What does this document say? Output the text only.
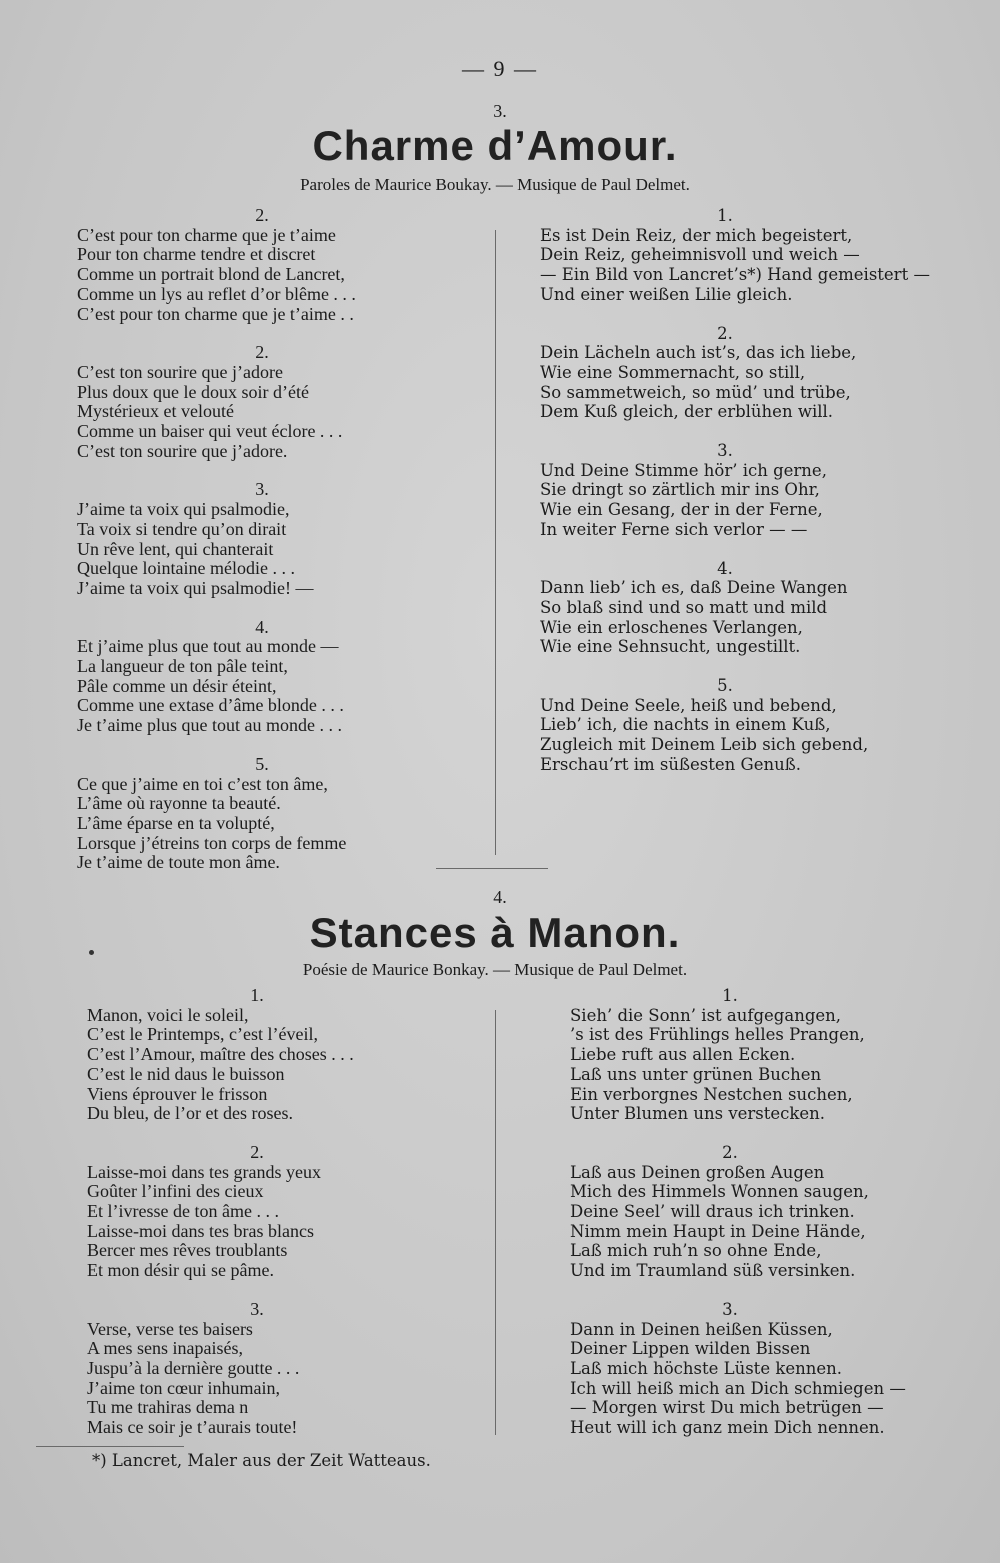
— 9 —
3.
Charme d’Amour.
Paroles de Maurice Boukay. — Musique de Paul Delmet.
2.
C’est pour ton charme que je t’aime
Pour ton charme tendre et discret
Comme un portrait blond de Lancret,
Comme un lys au reflet d’or blême . . .
C’est pour ton charme que je t’aime . .
2.
C’est ton sourire que j’adore
Plus doux que le doux soir d’été
Mystérieux et velouté
Comme un baiser qui veut éclore . . .
C’est ton sourire que j’adore.
3.
J’aime ta voix qui psalmodie,
Ta voix si tendre qu’on dirait
Un rêve lent, qui chanterait
Quelque lointaine mélodie . . .
J’aime ta voix qui psalmodie! —
4.
Et j’aime plus que tout au monde —
La langueur de ton pâle teint,
Pâle comme un désir éteint,
Comme une extase d’âme blonde . . .
Je t’aime plus que tout au monde . . .
5.
Ce que j’aime en toi c’est ton âme,
L’âme où rayonne ta beauté.
L’âme éparse en ta volupté,
Lorsque j’étreins ton corps de femme
Je t’aime de toute mon âme.
1.
Es ist Dein Reiz, der mich begeistert,
Dein Reiz, geheimnisvoll und weich —
— Ein Bild von Lancret’s*) Hand gemeistert —
Und einer weißen Lilie gleich.
2.
Dein Lächeln auch ist’s, das ich liebe,
Wie eine Sommernacht, so still,
So sammetweich, so müd’ und trübe,
Dem Kuß gleich, der erblühen will.
3.
Und Deine Stimme hör’ ich gerne,
Sie dringt so zärtlich mir ins Ohr,
Wie ein Gesang, der in der Ferne,
In weiter Ferne sich verlor — —
4.
Dann lieb’ ich es, daß Deine Wangen
So blaß sind und so matt und mild
Wie ein erloschenes Verlangen,
Wie eine Sehnsucht, ungestillt.
5.
Und Deine Seele, heiß und bebend,
Lieb’ ich, die nachts in einem Kuß,
Zugleich mit Deinem Leib sich gebend,
Erschau’rt im süßesten Genuß.
4.
Stances à Manon.
Poésie de Maurice Bonkay. — Musique de Paul Delmet.
1.
Manon, voici le soleil,
C’est le Printemps, c’est l’éveil,
C’est l’Amour, maître des choses . . .
C’est le nid daus le buisson
Viens éprouver le frisson
Du bleu, de l’or et des roses.
2.
Laisse-moi dans tes grands yeux
Goûter l’infini des cieux
Et l’ivresse de ton âme . . .
Laisse-moi dans tes bras blancs
Bercer mes rêves troublants
Et mon désir qui se pâme.
3.
Verse, verse tes baisers
A mes sens inapaisés,
Juspu’à la dernière goutte . . .
J’aime ton cœur inhumain,
Tu me trahiras dema n
Mais ce soir je t’aurais toute!
1.
Sieh’ die Sonn’ ist aufgegangen,
’s ist des Frühlings helles Prangen,
Liebe ruft aus allen Ecken.
Laß uns unter grünen Buchen
Ein verborgnes Nestchen suchen,
Unter Blumen uns verstecken.
2.
Laß aus Deinen großen Augen
Mich des Himmels Wonnen saugen,
Deine Seel’ will draus ich trinken.
Nimm mein Haupt in Deine Hände,
Laß mich ruh’n so ohne Ende,
Und im Traumland süß versinken.
3.
Dann in Deinen heißen Küssen,
Deiner Lippen wilden Bissen
Laß mich höchste Lüste kennen.
Ich will heiß mich an Dich schmiegen —
— Morgen wirst Du mich betrügen —
Heut will ich ganz mein Dich nennen.
*) Lancret, Maler aus der Zeit Watteaus.
